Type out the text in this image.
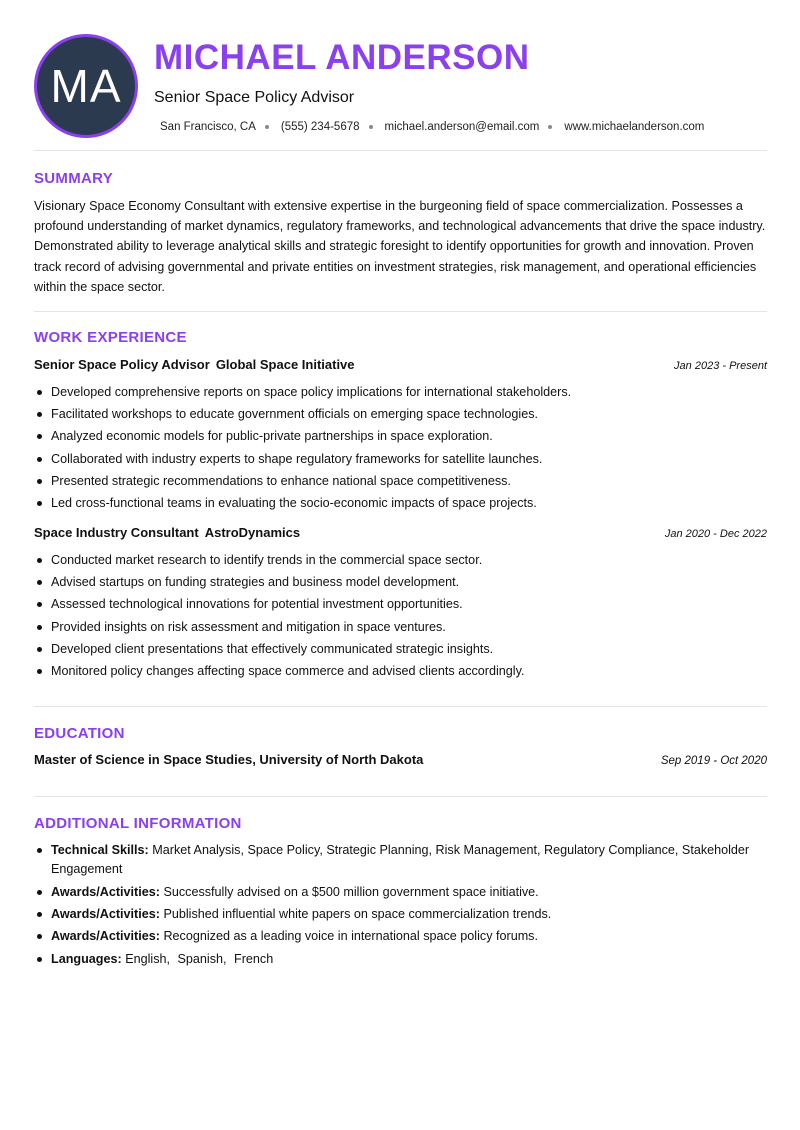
MA
MICHAEL ANDERSON
Senior Space Policy Advisor
San Francisco, CA (555) 234-5678 michael.anderson@email.com www.michaelanderson.com
SUMMARY
Visionary Space Economy Consultant with extensive expertise in the burgeoning field of space commercialization. Possesses a profound understanding of market dynamics, regulatory frameworks, and technological advancements that drive the space industry. Demonstrated ability to leverage analytical skills and strategic foresight to identify opportunities for growth and innovation. Proven track record of advising governmental and private entities on investment strategies, risk management, and operational efficiencies within the space sector.
WORK EXPERIENCE
Senior Space Policy Advisor Global Space Initiative	Jan 2023 - Present
Developed comprehensive reports on space policy implications for international stakeholders.
Facilitated workshops to educate government officials on emerging space technologies.
Analyzed economic models for public-private partnerships in space exploration.
Collaborated with industry experts to shape regulatory frameworks for satellite launches.
Presented strategic recommendations to enhance national space competitiveness.
Led cross-functional teams in evaluating the socio-economic impacts of space projects.
Space Industry Consultant AstroDynamics	Jan 2020 - Dec 2022
Conducted market research to identify trends in the commercial space sector.
Advised startups on funding strategies and business model development.
Assessed technological innovations for potential investment opportunities.
Provided insights on risk assessment and mitigation in space ventures.
Developed client presentations that effectively communicated strategic insights.
Monitored policy changes affecting space commerce and advised clients accordingly.
EDUCATION
Master of Science in Space Studies, University of North Dakota	Sep 2019 - Oct 2020
ADDITIONAL INFORMATION
Technical Skills: Market Analysis, Space Policy, Strategic Planning, Risk Management, Regulatory Compliance, Stakeholder Engagement
Awards/Activities: Successfully advised on a $500 million government space initiative.
Awards/Activities: Published influential white papers on space commercialization trends.
Awards/Activities: Recognized as a leading voice in international space policy forums.
Languages: English, Spanish, French
